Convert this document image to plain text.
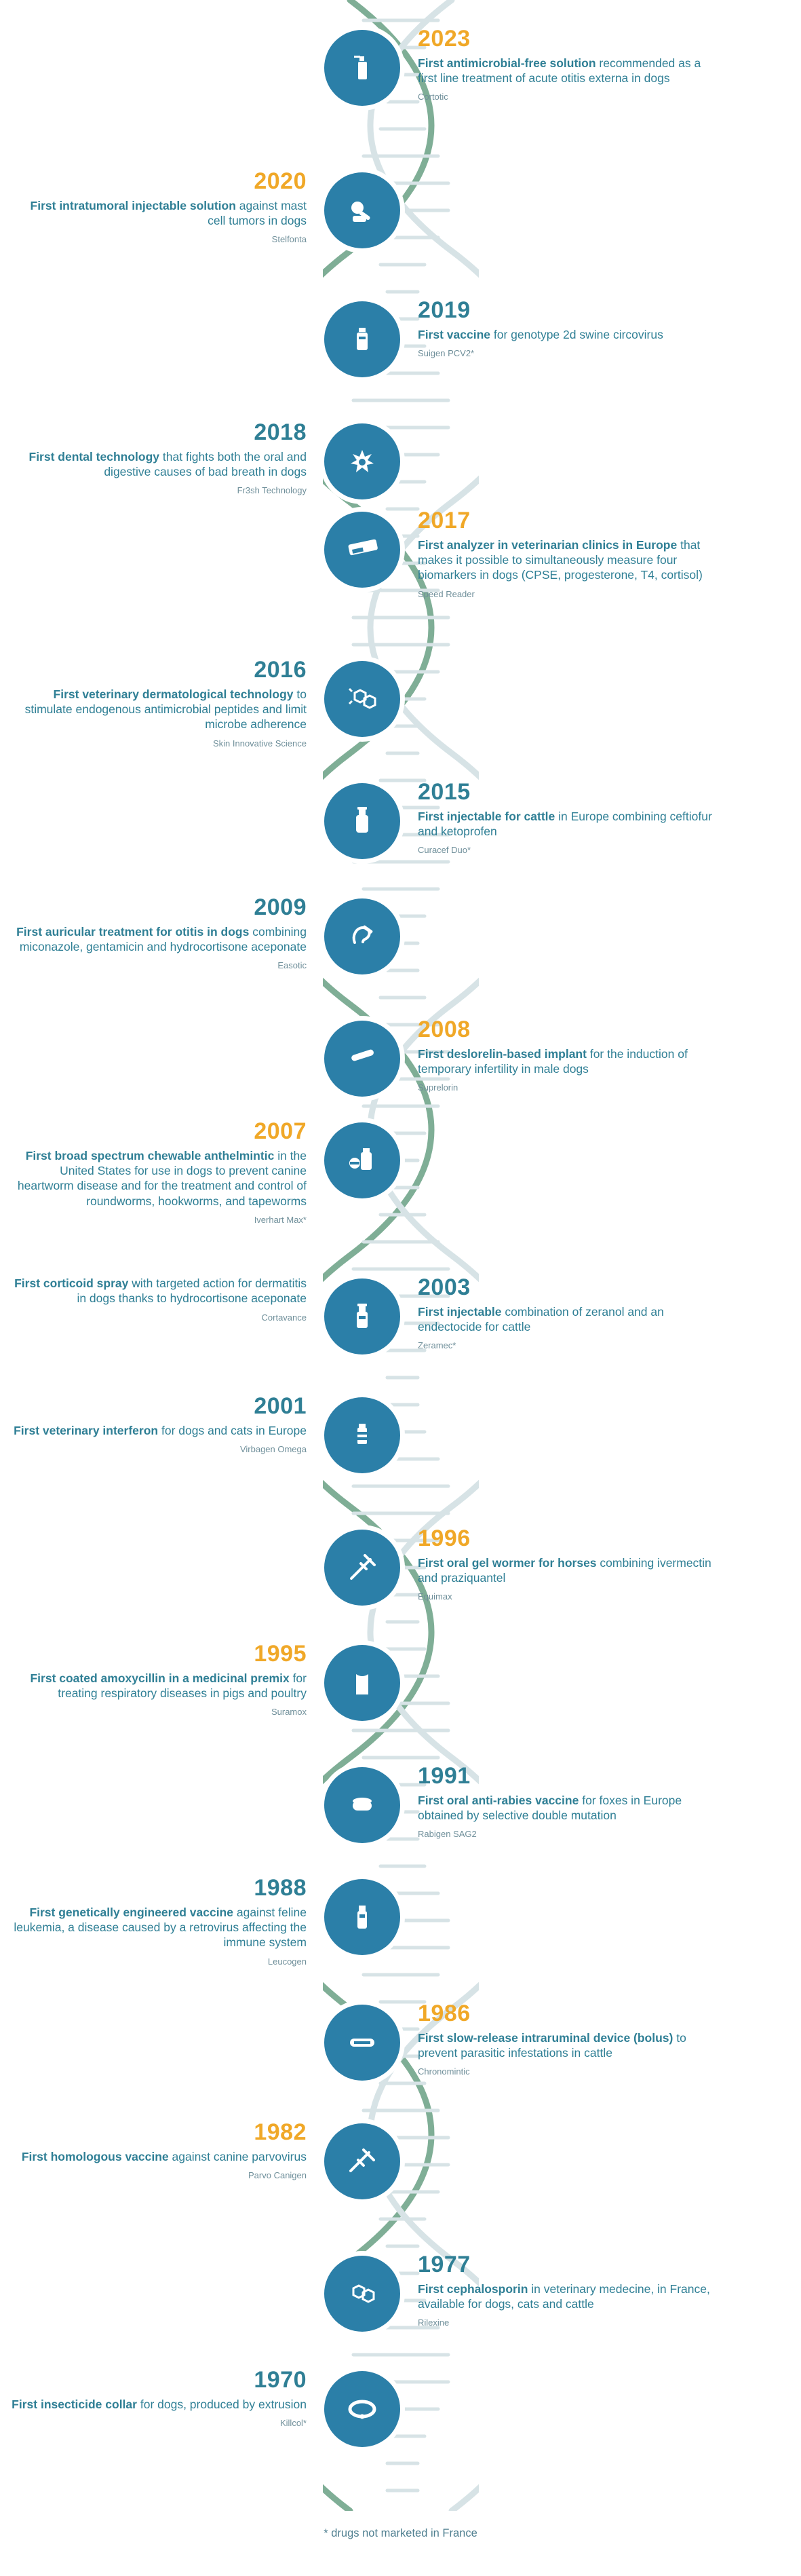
2023
First antimicrobial-free solution recommended as a first line treatment of acute otitis externa in dogs
Cortotic
2020
First intratumoral injectable solution against mast cell tumors in dogs
Stelfonta
2019
First vaccine for genotype 2d swine circovirus
Suigen PCV2*
2018
First dental technology that fights both the oral and digestive causes of bad breath in dogs
Fr3sh Technology
2017
First analyzer in veterinarian clinics in Europe that makes it possible to simultaneously measure four biomarkers in dogs (CPSE, progesterone, T4, cortisol)
Speed Reader
2016
First veterinary dermatological technology to stimulate endogenous antimicrobial peptides and limit microbe adherence
Skin Innovative Science
2015
First injectable for cattle in Europe combining ceftiofur and ketoprofen
Curacef Duo*
2009
First auricular treatment for otitis in dogs combining miconazole, gentamicin and hydrocortisone aceponate
Easotic
2008
First deslorelin-based implant for the induction of temporary infertility in male dogs
Suprelorin
2007
First broad spectrum chewable anthelmintic in the United States for use in dogs to prevent canine heartworm disease and for the treatment and control of roundworms, hookworms, and tapeworms
Iverhart Max*
First corticoid spray with targeted action for dermatitis in dogs thanks to hydrocortisone aceponate
Cortavance
2003
First injectable combination of zeranol and an endectocide for cattle
Zeramec*
2001
First veterinary interferon for dogs and cats in Europe
Virbagen Omega
1996
First oral gel wormer for horses combining ivermectin and praziquantel
Equimax
1995
First coated amoxycillin in a medicinal premix for treating respiratory diseases in pigs and poultry
Suramox
1991
First oral anti-rabies vaccine for foxes in Europe obtained by selective double mutation
Rabigen SAG2
1988
First genetically engineered vaccine against feline leukemia, a disease caused by a retrovirus affecting the immune system
Leucogen
1986
First slow-release intraruminal device (bolus) to prevent parasitic infestations in cattle
Chronomintic
1982
First homologous vaccine against canine parvovirus
Parvo Canigen
1977
First cephalosporin in veterinary medecine, in France, available for dogs, cats and cattle
Rilexine
1970
First insecticide collar for dogs, produced by extrusion
Killcol*
* drugs not marketed in France
